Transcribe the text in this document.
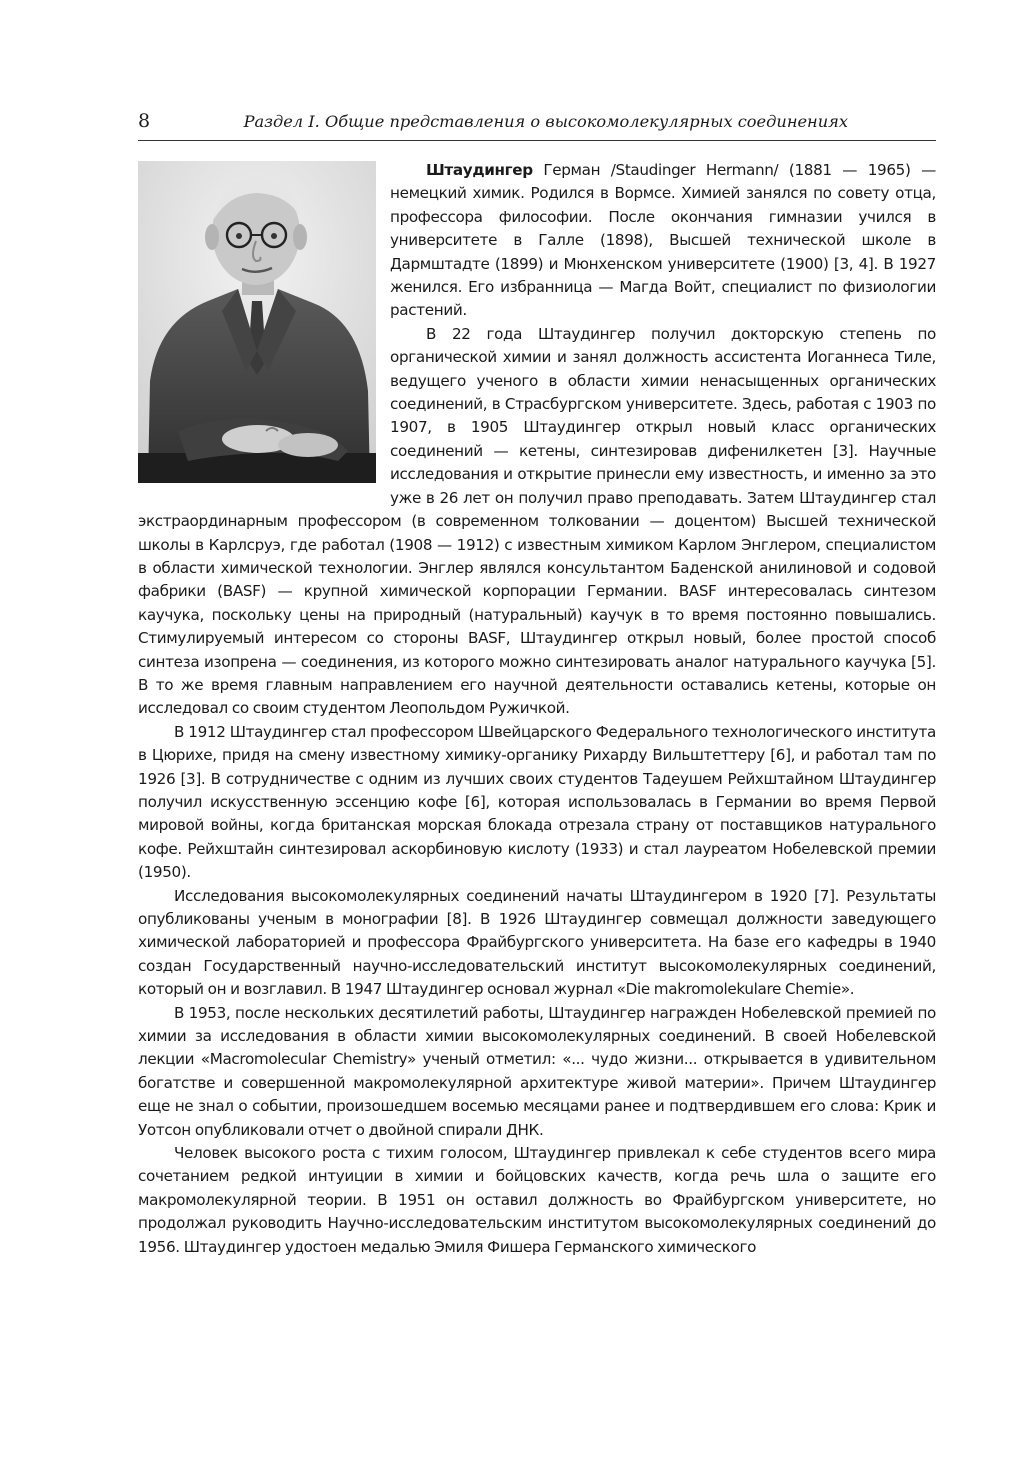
8	Раздел I. Общие представления о высокомолекулярных соединениях

Штаудингер Герман /Staudinger Hermann/ (1881 — 1965) — немецкий химик. Родился в Вормсе. Химией занялся по совету отца, профессора философии. После окончания гимназии учился в университете в Галле (1898), Высшей технической школе в Дармштадте (1899) и Мюнхенском университете (1900) [3, 4]. В 1927 женился. Его избранница — Магда Войт, специалист по физиологии растений.

В 22 года Штаудингер получил докторскую степень по органической химии и занял должность ассистента Иоганнеса Тиле, ведущего ученого в области химии ненасыщенных органических соединений, в Страсбургском университете. Здесь, работая с 1903 по 1907, в 1905 Штаудингер открыл новый класс органических соединений — кетены, синтезировав дифенилкетен [3]. Научные исследования и открытие принесли ему известность, и именно за это уже в 26 лет он получил право преподавать. Затем Штаудингер стал экстраординарным профессором (в современном толковании — доцентом) Высшей технической школы в Карлсруэ, где работал (1908 — 1912) с известным химиком Карлом Энглером, специалистом в области химической технологии. Энглер являлся консультантом Баденской анилиновой и содовой фабрики (BASF) — крупной химической корпорации Германии. BASF интересовалась синтезом каучука, поскольку цены на природный (натуральный) каучук в то время постоянно повышались. Стимулируемый интересом со стороны BASF, Штаудингер открыл новый, более простой способ синтеза изопрена — соединения, из которого можно синтезировать аналог натурального каучука [5]. В то же время главным направлением его научной деятельности оставались кетены, которые он исследовал со своим студентом Леопольдом Ружичкой.

В 1912 Штаудингер стал профессором Швейцарского Федерального технологического института в Цюрихе, придя на смену известному химику-органику Рихарду Вильштеттеру [6], и работал там по 1926 [3]. В сотрудничестве с одним из лучших своих студентов Тадеушем Рейхштайном Штаудингер получил искусственную эссенцию кофе [6], которая использовалась в Германии во время Первой мировой войны, когда британская морская блокада отрезала страну от поставщиков натурального кофе. Рейхштайн синтезировал аскорбиновую кислоту (1933) и стал лауреатом Нобелевской премии (1950).

Исследования высокомолекулярных соединений начаты Штаудингером в 1920 [7]. Результаты опубликованы ученым в монографии [8]. В 1926 Штаудингер совмещал должности заведующего химической лабораторией и профессора Фрайбургского университета. На базе его кафедры в 1940 создан Государственный научно-исследовательский институт высокомолекулярных соединений, который он и возглавил. В 1947 Штаудингер основал журнал «Die makromolekulare Chemie».

В 1953, после нескольких десятилетий работы, Штаудингер награжден Нобелевской премией по химии за исследования в области химии высокомолекулярных соединений. В своей Нобелевской лекции «Macromolecular Chemistry» ученый отметил: «... чудо жизни... открывается в удивительном богатстве и совершенной макромолекулярной архитектуре живой материи». Причем Штаудингер еще не знал о событии, произошедшем восемью месяцами ранее и подтвердившем его слова: Крик и Уотсон опубликовали отчет о двойной спирали ДНК.

Человек высокого роста с тихим голосом, Штаудингер привлекал к себе студентов всего мира сочетанием редкой интуиции в химии и бойцовских качеств, когда речь шла о защите его макромолекулярной теории. В 1951 он оставил должность во Фрайбургском университете, но продолжал руководить Научно-исследовательским институтом высокомолекулярных соединений до 1956. Штаудингер удостоен медалью Эмиля Фишера Германского химического
